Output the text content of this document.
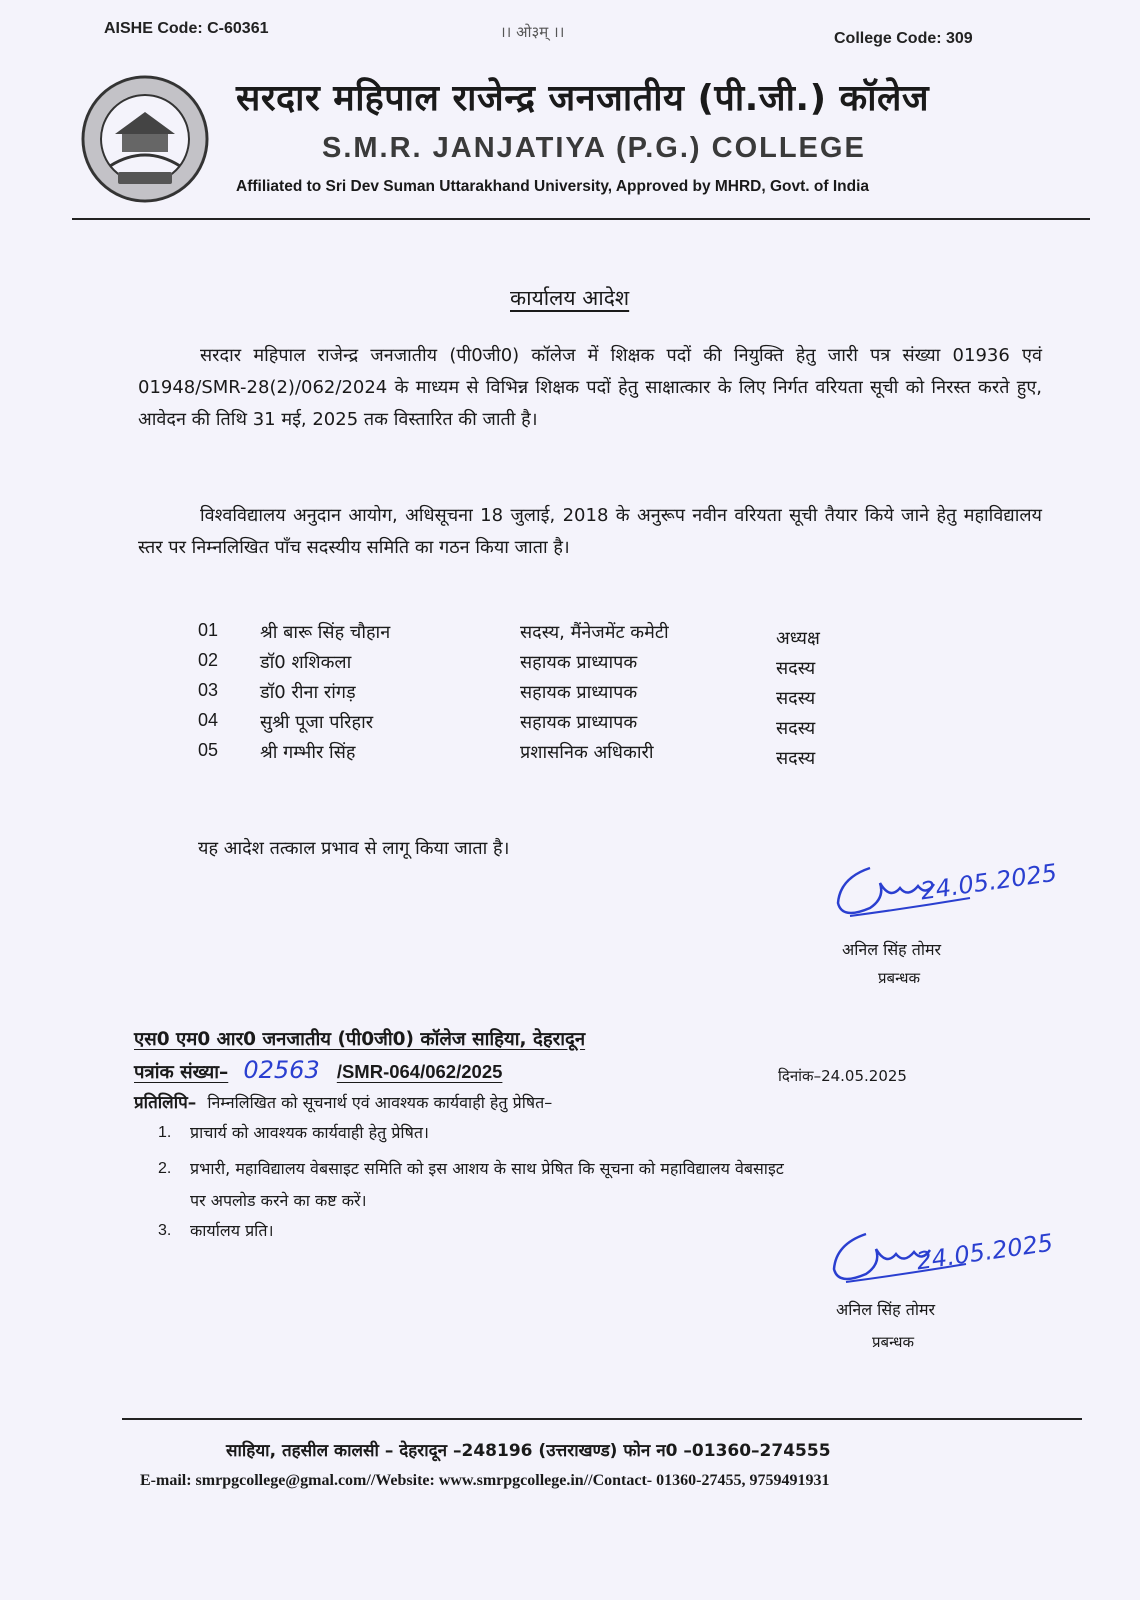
AISHE Code: C-60361	।। ओ३म् ।।	College Code: 309
सरदार महिपाल राजेन्द्र जनजातीय (पी.जी.) कॉलेज
S.M.R. JANJATIYA (P.G.) COLLEGE
Affiliated to Sri Dev Suman Uttarakhand University, Approved by MHRD, Govt. of India
कार्यालय आदेश
सरदार महिपाल राजेन्द्र जनजातीय (पी0जी0) कॉलेज में शिक्षक पदों की नियुक्ति हेतु जारी पत्र संख्या 01936 एवं 01948/SMR-28(2)/062/2024 के माध्यम से विभिन्न शिक्षक पदों हेतु साक्षात्कार के लिए निर्गत वरियता सूची को निरस्त करते हुए, आवेदन की तिथि 31 मई, 2025 तक विस्तारित की जाती है।
विश्वविद्यालय अनुदान आयोग, अधिसूचना 18 जुलाई, 2018 के अनुरूप नवीन वरियता सूची तैयार किये जाने हेतु महाविद्यालय स्तर पर निम्नलिखित पाँच सदस्यीय समिति का गठन किया जाता है।
01 श्री बारू सिंह चौहान	सदस्य, मैंनेजमेंट कमेटी	अध्यक्ष
02 डॉ0 शशिकला	सहायक प्राध्यापक	सदस्य
03 डॉ0 रीना रांगड़	सहायक प्राध्यापक	सदस्य
04 सुश्री पूजा परिहार	सहायक प्राध्यापक	सदस्य
05 श्री गम्भीर सिंह	प्रशासनिक अधिकारी	सदस्य
यह आदेश तत्काल प्रभाव से लागू किया जाता है।
24.05.2025
अनिल सिंह तोमर
प्रबन्धक
एस0 एम0 आर0 जनजातीय (पी0जी0) कॉलेज साहिया, देहरादून
पत्रांक संख्या– 02563 /SMR-064/062/2025	दिनांक–24.05.2025
प्रतिलिपि– निम्नलिखित को सूचनार्थ एवं आवश्यक कार्यवाही हेतु प्रेषित–
1. प्राचार्य को आवश्यक कार्यवाही हेतु प्रेषित।
2. प्रभारी, महाविद्यालय वेबसाइट समिति को इस आशय के साथ प्रेषित कि सूचना को महाविद्यालय वेबसाइट
पर अपलोड करने का कष्ट करें।
3. कार्यालय प्रति।	24.05.2025
अनिल सिंह तोमर
प्रबन्धक
साहिया, तहसील कालसी – देहरादून –248196 (उत्तराखण्ड) फोन न0 –01360–274555
E-mail: smrpgcollege@gmal.com//Website: www.smrpgcollege.in//Contact- 01360-27455, 9759491931
